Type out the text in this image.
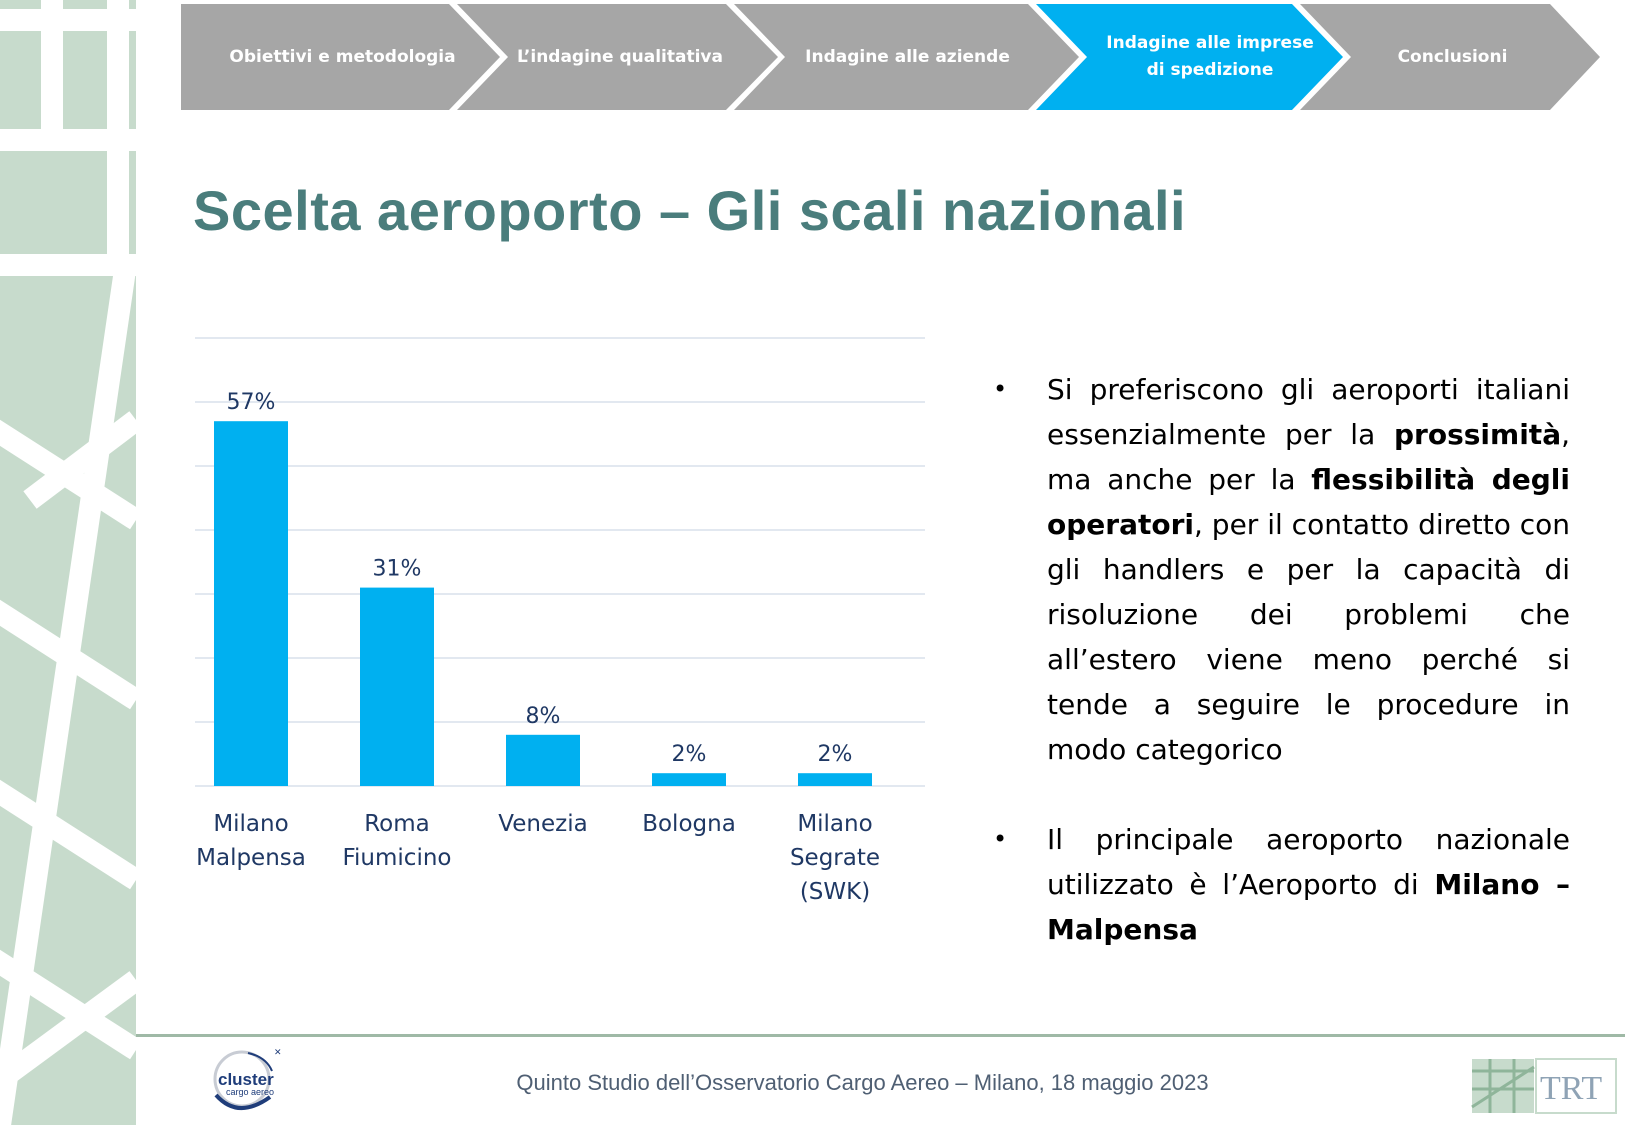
Obiettivi e metodologia	L’indagine qualitativa	Indagine alle aziende
Indagine alle imprese
di spedizione
Conclusioni
Scelta aeroporto – Gli scali nazionali
57%
Milano
Malpensa
31%
Roma
Fiumicino
8%
Venezia
2%
Bologna
2%
Milano
Segrate
(SWK)
• Si preferiscono gli aeroporti italiani essenzialmente per la prossimità, ma anche per la flessibilità degli operatori, per il contatto diretto con gli handlers e per la capacità di risoluzione dei problemi che all’estero viene meno perché si tende a seguire le procedure in modo categorico
• Il principale aeroporto nazionale utilizzato è l’Aeroporto di Milano – Malpensa
✕
cluster
cargo aereo	Quinto Studio dell’Osservatorio Cargo Aereo – Milano, 18 maggio 2023	TRT
